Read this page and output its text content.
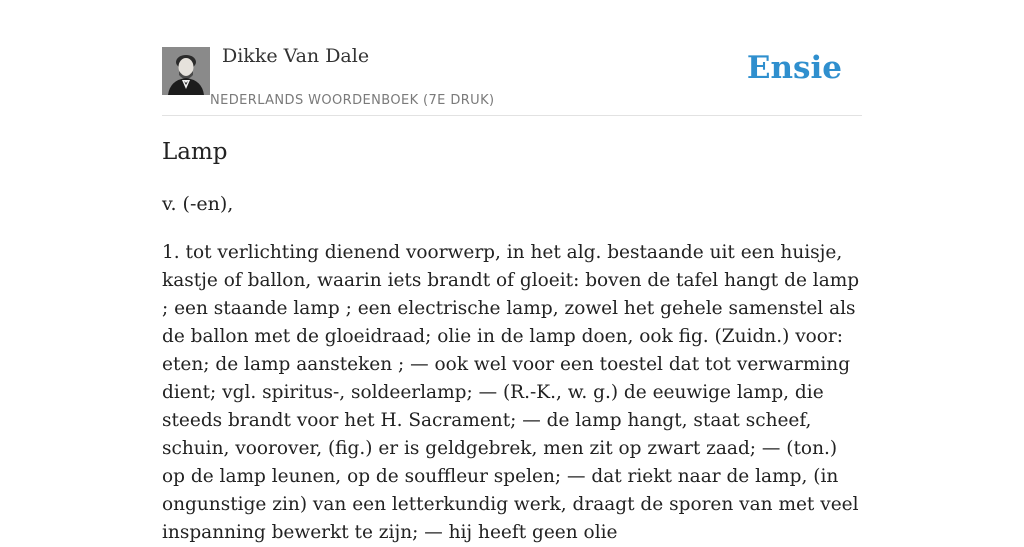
Dikke Van Dale
NEDERLANDS WOORDENBOEK (7E DRUK)
Ensie
Lamp

v. (-en),

1. tot verlichting dienend voorwerp, in het alg. bestaande uit een huisje, kastje of ballon, waarin iets brandt of gloeit: boven de tafel hangt de lamp ; een staande lamp ; een electrische lamp, zowel het gehele samenstel als de ballon met de gloeidraad; olie in de lamp doen, ook fig. (Zuidn.) voor: eten; de lamp aansteken ; — ook wel voor een toestel dat tot verwarming dient; vgl. spiritus-, soldeerlamp; — (R.-K., w. g.) de eeuwige lamp, die steeds brandt voor het H. Sacrament; — de lamp hangt, staat scheef, schuin, voorover, (fig.) er is geldgebrek, men zit op zwart zaad; — (ton.) op de lamp leunen, op de souffleur spelen; — dat riekt naar de lamp, (in ongunstige zin) van een letterkundig werk, draagt de sporen van met veel inspanning bewerkt te zijn; — hij heeft geen olie
